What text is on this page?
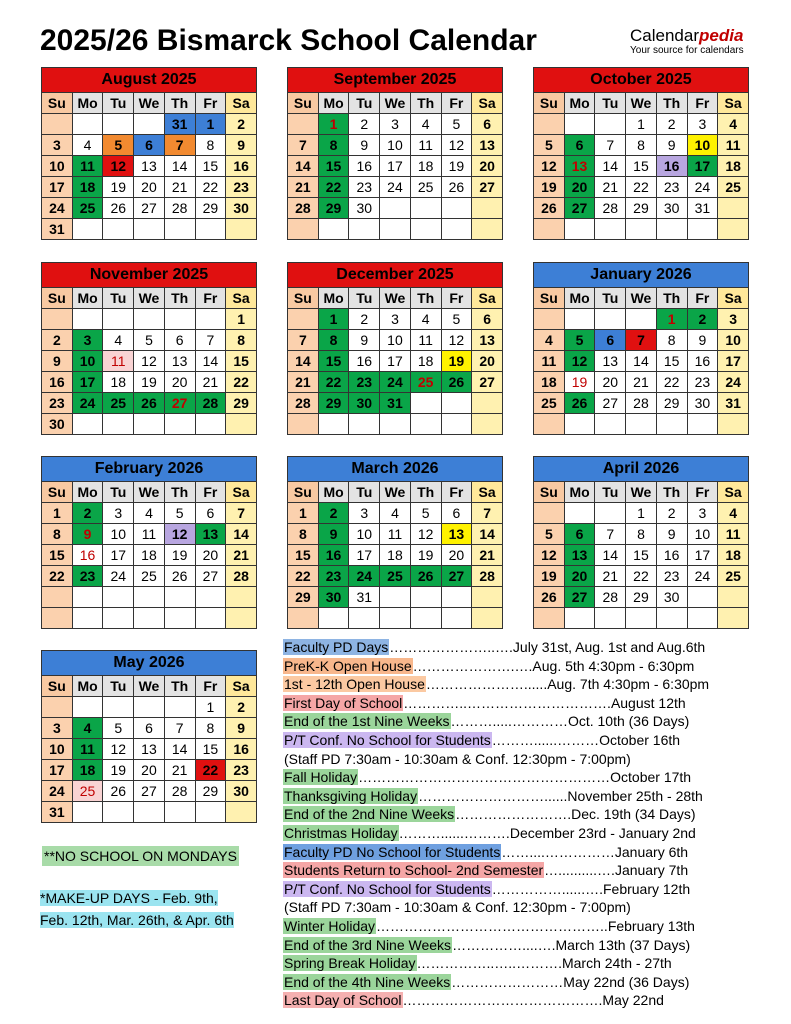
2025/26 Bismarck School Calendar	Calendarpedia
Your source for calendars
August 2025						
Su	Mo	Tu	We	Th	Fr	Sa
				31	1	2
3	4	5	6	7	8	9
10	11	12	13	14	15	16
17	18	19	20	21	22	23
24	25	26	27	28	29	30
31						
September 2025						
Su	Mo	Tu	We	Th	Fr	Sa
	1	2	3	4	5	6
7	8	9	10	11	12	13
14	15	16	17	18	19	20
21	22	23	24	25	26	27
28	29	30				

October 2025						
Su	Mo	Tu	We	Th	Fr	Sa
			1	2	3	4
5	6	7	8	9	10	11
12	13	14	15	16	17	18
19	20	21	22	23	24	25
26	27	28	29	30	31	

November 2025						
Su	Mo	Tu	We	Th	Fr	Sa
						1
2	3	4	5	6	7	8
9	10	11	12	13	14	15
16	17	18	19	20	21	22
23	24	25	26	27	28	29
30						
December 2025						
Su	Mo	Tu	We	Th	Fr	Sa
	1	2	3	4	5	6
7	8	9	10	11	12	13
14	15	16	17	18	19	20
21	22	23	24	25	26	27
28	29	30	31			

January 2026						
Su	Mo	Tu	We	Th	Fr	Sa
				1	2	3
4	5	6	7	8	9	10
11	12	13	14	15	16	17
18	19	20	21	22	23	24
25	26	27	28	29	30	31

February 2026						
Su	Mo	Tu	We	Th	Fr	Sa
1	2	3	4	5	6	7
8	9	10	11	12	13	14
15	16	17	18	19	20	21
22	23	24	25	26	27	28

March 2026						
Su	Mo	Tu	We	Th	Fr	Sa
1	2	3	4	5	6	7
8	9	10	11	12	13	14
15	16	17	18	19	20	21
22	23	24	25	26	27	28
29	30	31				

April 2026						
Su	Mo	Tu	We	Th	Fr	Sa
			1	2	3	4
5	6	7	8	9	10	11
12	13	14	15	16	17	18
19	20	21	22	23	24	25
26	27	28	29	30		

May 2026						
Su	Mo	Tu	We	Th	Fr	Sa
					1	2
3	4	5	6	7	8	9
10	11	12	13	14	15	16
17	18	19	20	21	22	23
24	25	26	27	28	29	30
31						
Faculty PD Days…………………..….July 31st, Aug. 1st and Aug.6th
PreK-K Open House………………….….Aug. 5th 4:30pm - 6:30pm
1st - 12th Open House…………………......Aug. 7th 4:30pm - 6:30pm
First Day of School…………..………………………….August 12th
End of the 1st Nine Weeks……….....…………Oct. 10th (36 Days)
P/T Conf. No School for Students………......………October 16th
(Staff PD 7:30am - 10:30am & Conf. 12:30pm - 7:00pm)
Fall Holiday………………………………………………October 17th
Thanksgiving Holiday………………………......November 25th - 28th
End of the 2nd Nine Weeks…………………….Dec. 19th (34 Days)
Christmas Holiday………......……….December 23rd - January 2nd
Faculty PD No School for Students……....……………January 6th
Students Return to School- 2nd Semester…..........….January 7th
P/T Conf. No School for Students……………......….February 12th
(Staff PD 7:30am - 10:30am & Conf. 12:30pm - 7:00pm)
Winter Holiday…………………………………………..February 13th
End of the 3rd Nine Weeks……………....….March 13th (37 Days)
Spring Break Holiday……………..…..……….March 24th - 27th
End of the 4th Nine Weeks……………………May 22nd (36 Days)
Last Day of School…………………………………….May 22nd
**NO SCHOOL ON MONDAYS
*MAKE-UP DAYS - Feb. 9th,
Feb. 12th, Mar. 26th, & Apr. 6th
